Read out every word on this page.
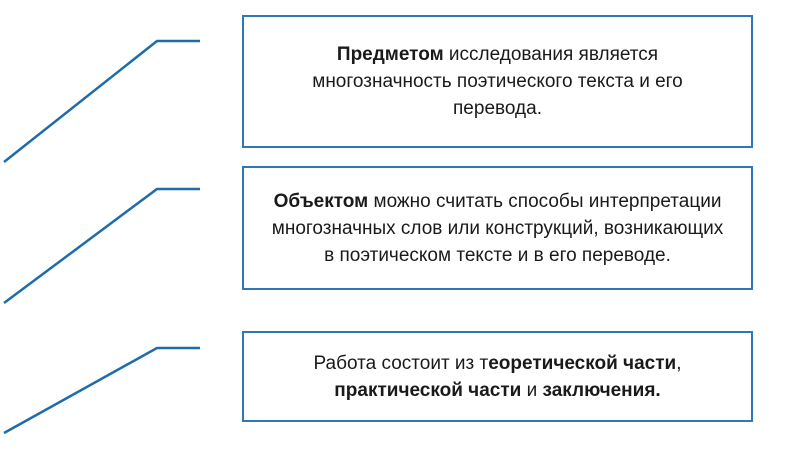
Предметом исследования является многозначность поэтического текста и его перевода.

Объектом можно считать способы интерпретации многозначных слов или конструкций, возникающих в поэтическом тексте и в его переводе.

Работа состоит из теоретической части, практической части и заключения.
